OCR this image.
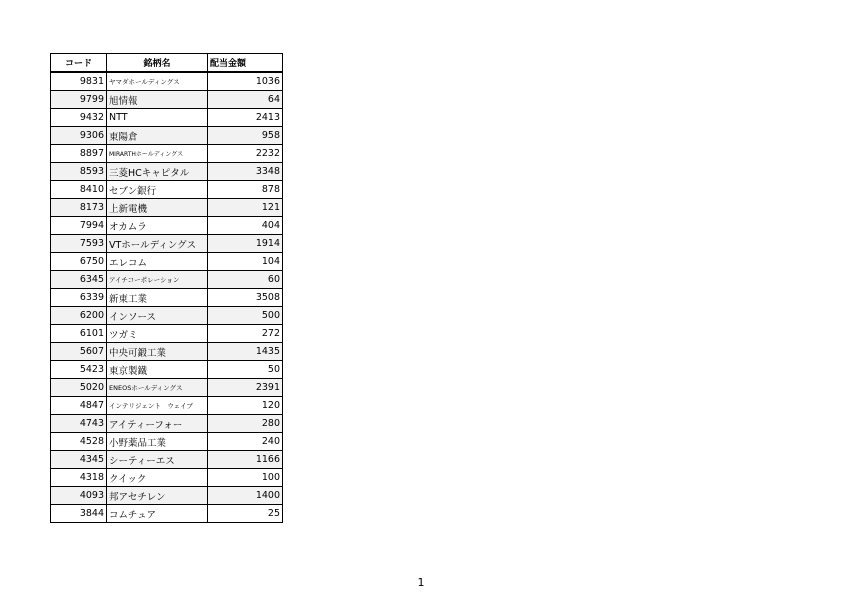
コード	銘柄名	配当金額
9831	ヤマダホールディングス	1036
9799	旭情報	64
9432	NTT	2413
9306	東陽倉	958
8897	MIRARTHホールディングス	2232
8593	三菱HCキャピタル	3348
8410	セブン銀行	878
8173	上新電機	121
7994	オカムラ	404
7593	VTホールディングス	1914
6750	エレコム	104
6345	アイチコーポレーション	60
6339	新東工業	3508
6200	インソース	500
6101	ツガミ	272
5607	中央可鍛工業	1435
5423	東京製鐵	50
5020	ENEOSホールディングス	2391
4847	インテリジェント　ウェイブ	120
4743	アイティーフォー	280
4528	小野薬品工業	240
4345	シーティーエス	1166
4318	クイック	100
4093	邦アセチレン	1400
3844	コムチュア	25
1
